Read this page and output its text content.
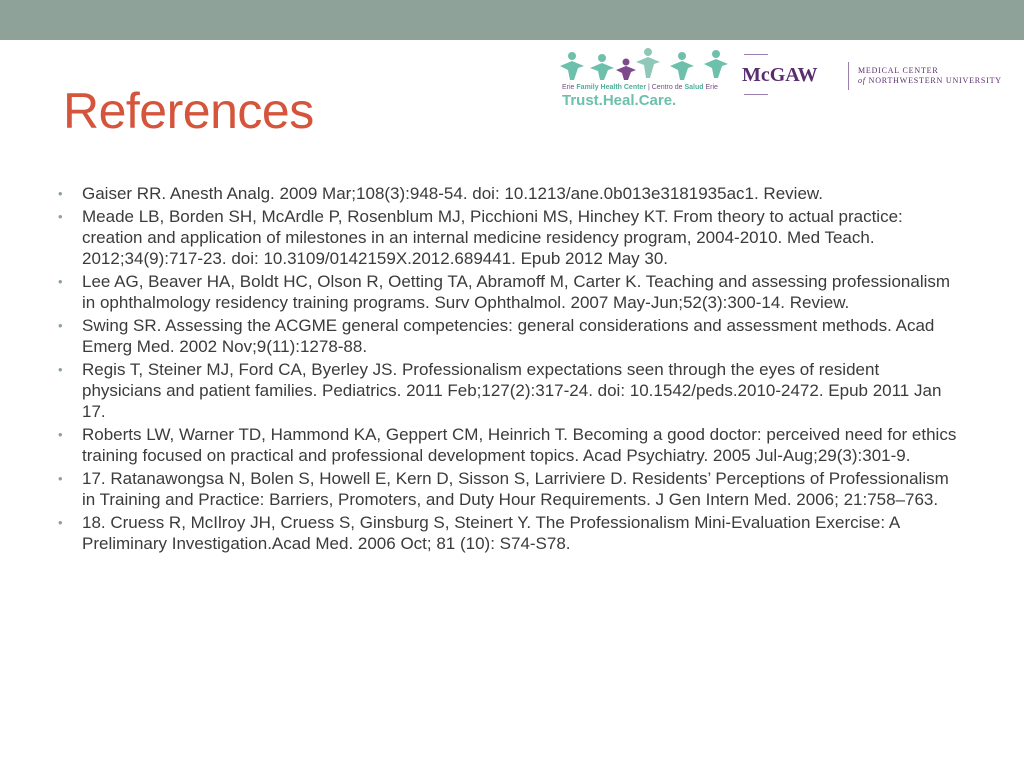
References	Erie Family Health Center | Centro de Salud Erie
Trust.Heal.Care.
McGAW	MEDICAL CENTER
of NORTHWESTERN UNIVERSITY
• Gaiser RR. Anesth Analg. 2009 Mar;108(3):948-54. doi: 10.1213/ane.0b013e3181935ac1. Review.
• Meade LB, Borden SH, McArdle P, Rosenblum MJ, Picchioni MS, Hinchey KT. From theory to actual practice: creation and application of milestones in an internal medicine residency program, 2004-2010. Med Teach. 2012;34(9):717-23. doi: 10.3109/0142159X.2012.689441. Epub 2012 May 30.
• Lee AG, Beaver HA, Boldt HC, Olson R, Oetting TA, Abramoff M, Carter K. Teaching and assessing professionalism in ophthalmology residency training programs. Surv Ophthalmol. 2007 May-Jun;52(3):300-14. Review.
• Swing SR. Assessing the ACGME general competencies: general considerations and assessment methods. Acad Emerg Med. 2002 Nov;9(11):1278-88.
• Regis T, Steiner MJ, Ford CA, Byerley JS. Professionalism expectations seen through the eyes of resident physicians and patient families. Pediatrics. 2011 Feb;127(2):317-24. doi: 10.1542/peds.2010-2472. Epub 2011 Jan 17.
• Roberts LW, Warner TD, Hammond KA, Geppert CM, Heinrich T. Becoming a good doctor: perceived need for ethics training focused on practical and professional development topics. Acad Psychiatry. 2005 Jul-Aug;29(3):301-9.
• 17. Ratanawongsa N, Bolen S, Howell E, Kern D, Sisson S, Larriviere D. Residents’ Perceptions of Professionalism in Training and Practice: Barriers, Promoters, and Duty Hour Requirements. J Gen Intern Med. 2006; 21:758–763.
• 18. Cruess R, McIlroy JH, Cruess S, Ginsburg S, Steinert Y. The Professionalism Mini-Evaluation Exercise: A Preliminary Investigation.Acad Med. 2006 Oct; 81 (10): S74-S78.
